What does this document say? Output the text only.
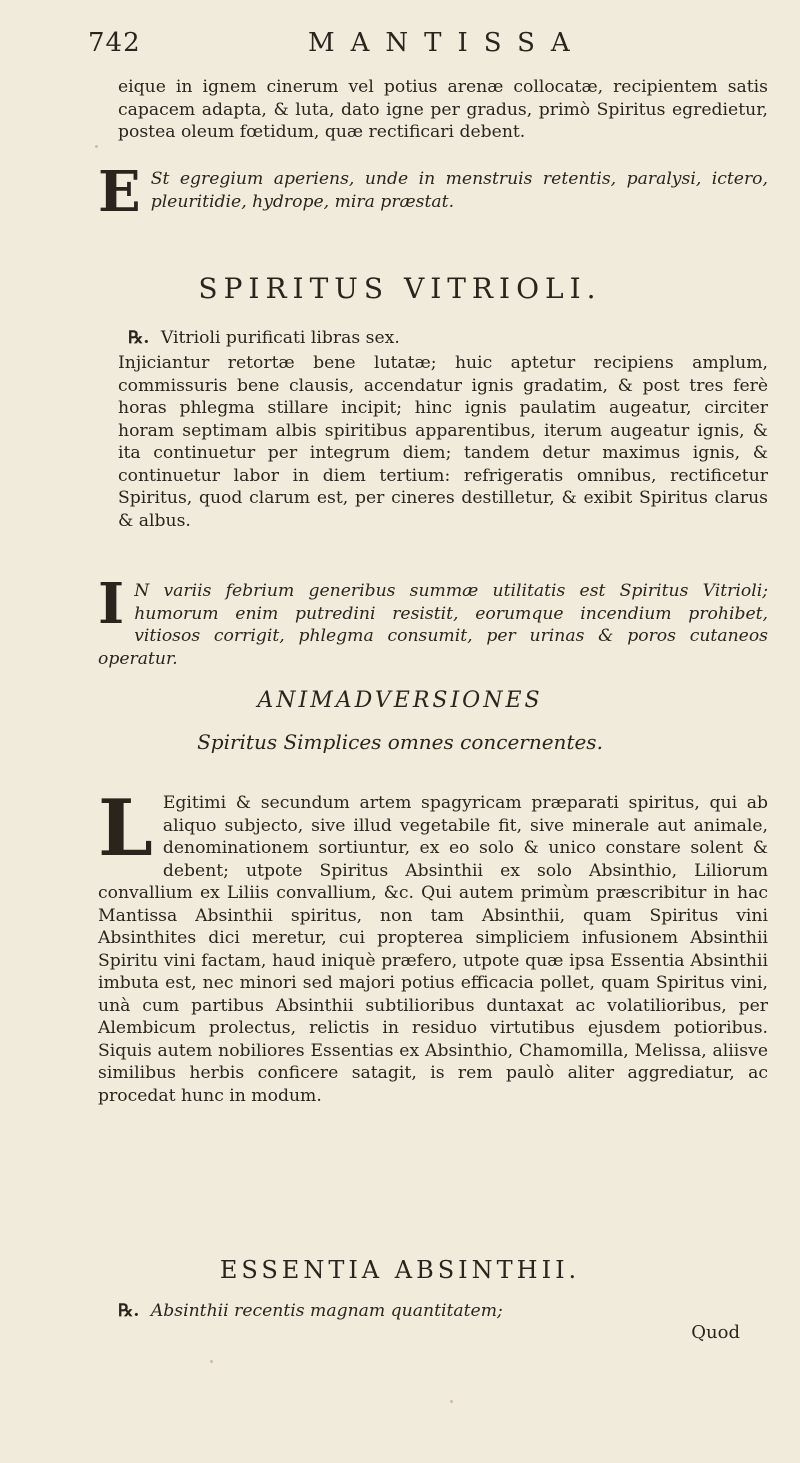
742	MANTISSA

eique in ignem cinerum vel potius arenæ collocatæ, recipientem satis capacem adapta, & luta, dato igne per gradus, primò Spiritus egredietur, postea oleum fœtidum, quæ rectificari debent.

E St egregium aperiens, unde in menstruis retentis, paralysi, ictero, pleuritidie, hydrope, mira præstat.

SPIRITUS VITRIOLI.

℞. Vitrioli purificati libras sex.

Injiciantur retortæ bene lutatæ; huic aptetur recipiens amplum, commissuris bene clausis, accendatur ignis gradatim, & post tres ferè horas phlegma stillare incipit; hinc ignis paulatim augeatur, circiter horam septimam albis spiritibus apparentibus, iterum augeatur ignis, & ita continuetur per integrum diem; tandem detur maximus ignis, & continuetur labor in diem tertium: refrigeratis omnibus, rectificetur Spiritus, quod clarum est, per cineres destilletur, & exibit Spiritus clarus & albus.

I N variis febrium generibus summæ utilitatis est Spiritus Vitrioli; humorum enim putredini resistit, eorumque incendium prohibet, vitiosos corrigit, phlegma consumit, per urinas & poros cutaneos operatur.

ANIMADVERSIONES
Spiritus Simplices omnes concernentes.
L Egitimi & secundum artem spagyricam præparati spiritus, qui ab aliquo subjecto, sive illud vegetabile fit, sive minerale aut animale, denominationem sortiuntur, ex eo solo & unico constare solent & debent; utpote Spiritus Absinthii ex solo Absinthio, Liliorum convallium ex Liliis convallium, &c. Qui autem primùm præscribitur in hac Mantissa Absinthii spiritus, non tam Absinthii, quam Spiritus vini Absinthites dici meretur, cui propterea simpliciem infusionem Absinthii Spiritu vini factam, haud iniquè præfero, utpote quæ ipsa Essentia Absinthii imbuta est, nec minori sed majori potius efficacia pollet, quam Spiritus vini, unà cum partibus Absinthii subtilioribus duntaxat ac volatilioribus, per Alembicum prolectus, relictis in residuo virtutibus ejusdem potioribus. Siquis autem nobiliores Essentias ex Absinthio, Chamomilla, Melissa, aliisve similibus herbis conficere satagit, is rem paulò aliter aggrediatur, ac procedat hunc in modum.

ESSENTIA ABSINTHII.

℞. Absinthii recentis magnam quantitatem;

Quod
